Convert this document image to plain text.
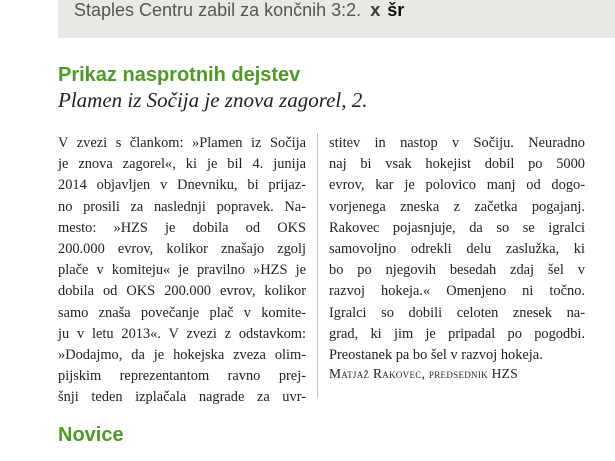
Staples Centru zabil za končnih 3:2. x šr
Prikaz nasprotnih dejstev
Plamen iz Sočija je znova zagorel, 2.
V zvezi s člankom: »Plamen iz Sočija
je znova zagorel«, ki je bil 4. junija
2014 objavljen v Dnevniku, bi prijaz-
no prosili za naslednji popravek. Na-
mesto: »HZS je dobila od OKS
200.000 evrov, kolikor znašajo zgolj
plače v komiteju« je pravilno »HZS je
dobila od OKS 200.000 evrov, kolikor
samo znaša povečanje plač v komite-
ju v letu 2013«. V zvezi z odstavkom:
»Dodajmo, da je hokejska zveza olim-
pijskim reprezentantom ravno prej-
šnji teden izplačala nagrade za uvr-
stitev in nastop v Sočiju. Neuradno
naj bi vsak hokejist dobil po 5000
evrov, kar je polovico manj od dogo-
vorjenega zneska z začetka pogajanj.
Rakovec pojasnjuje, da so se igralci
samovoljno odrekli delu zaslužka, ki
bo po njegovih besedah zdaj šel v
razvoj hokeja.« Omenjeno ni točno.
Igralci so dobili celoten znesek na-
grad, ki jim je pripadal po pogodbi.
Preostanek pa bo šel v razvoj hokeja.
Matjaž Rakovec, predsednik HZS
Novice
